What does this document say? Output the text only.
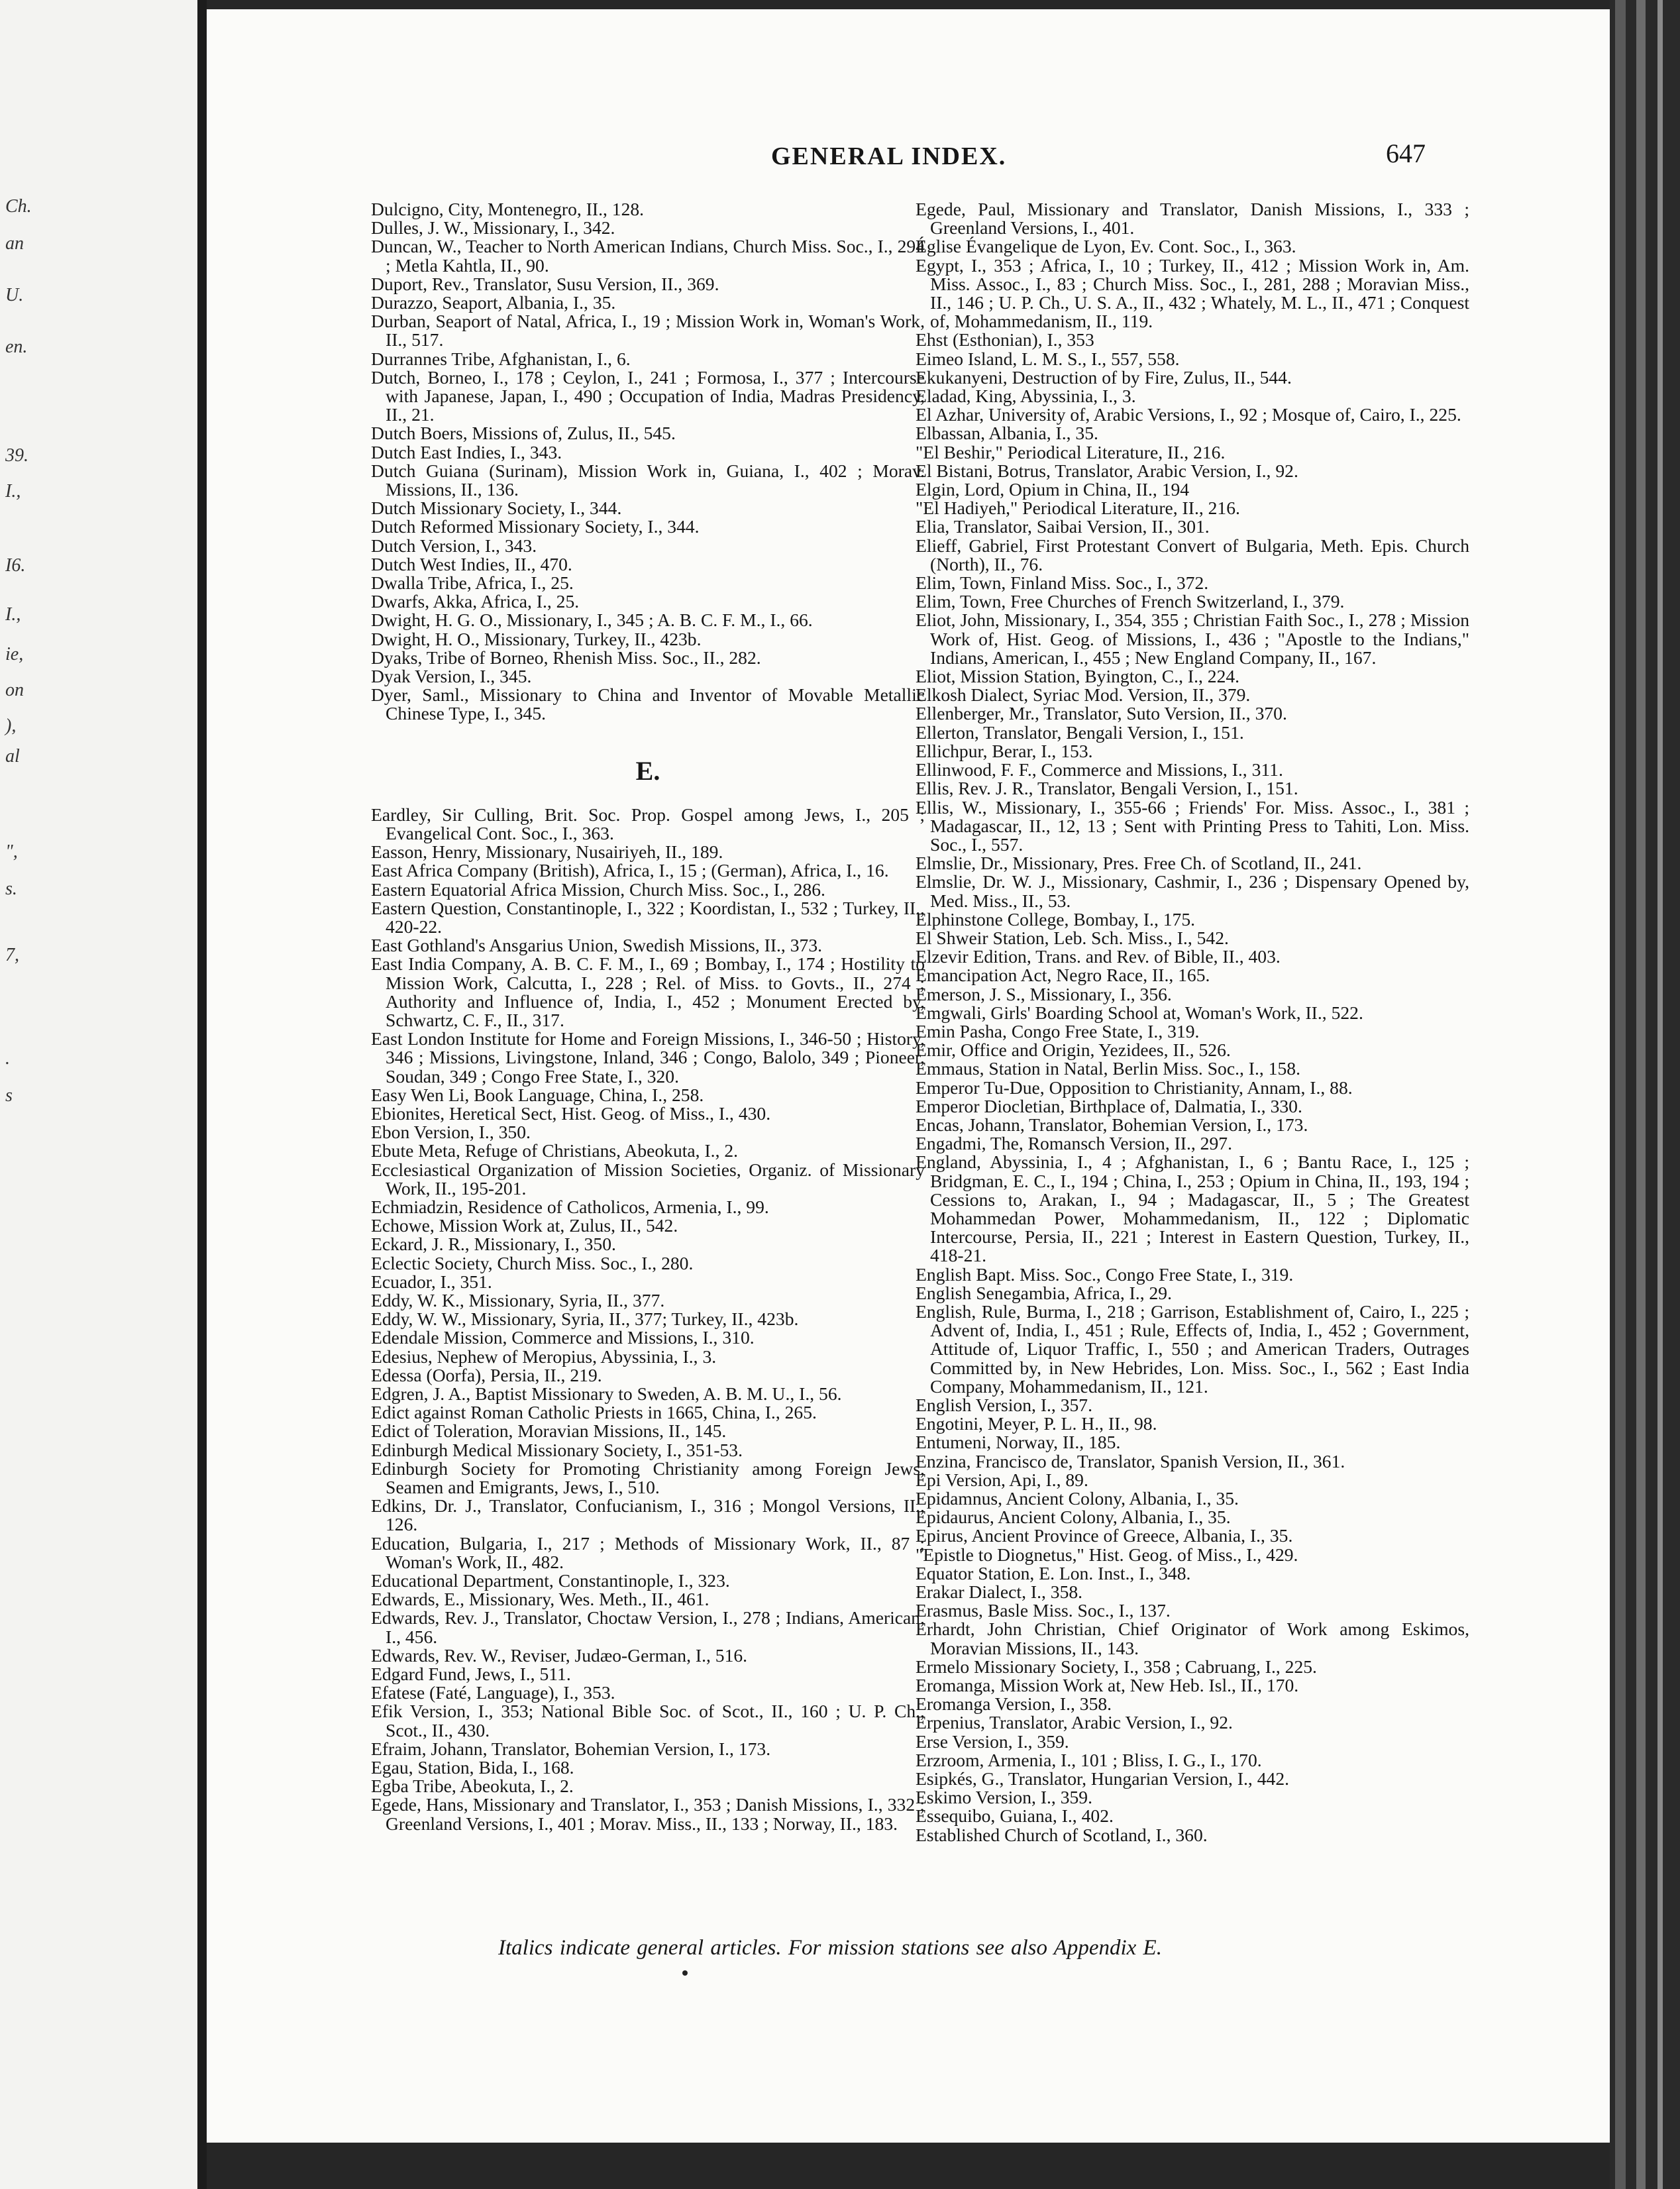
Ch.
an
U.
en.
39.
I.,
I6.
I.,
ie,
on
),
al
",
s.
7,
.
s
GENERAL INDEX.	647
Dulcigno, City, Montenegro, II., 128.
Dulles, J. W., Missionary, I., 342.
Duncan, W., Teacher to North American Indians, Church Miss. Soc., I., 294 ; Metla Kahtla, II., 90.
Duport, Rev., Translator, Susu Version, II., 369.
Durazzo, Seaport, Albania, I., 35.
Durban, Seaport of Natal, Africa, I., 19 ; Mission Work in, Woman's Work, II., 517.
Durrannes Tribe, Afghanistan, I., 6.
Dutch, Borneo, I., 178 ; Ceylon, I., 241 ; Formosa, I., 377 ; Intercourse with Japanese, Japan, I., 490 ; Occupation of India, Madras Presidency, II., 21.
Dutch Boers, Missions of, Zulus, II., 545.
Dutch East Indies, I., 343.
Dutch Guiana (Surinam), Mission Work in, Guiana, I., 402 ; Morav. Missions, II., 136.
Dutch Missionary Society, I., 344.
Dutch Reformed Missionary Society, I., 344.
Dutch Version, I., 343.
Dutch West Indies, II., 470.
Dwalla Tribe, Africa, I., 25.
Dwarfs, Akka, Africa, I., 25.
Dwight, H. G. O., Missionary, I., 345 ; A. B. C. F. M., I., 66.
Dwight, H. O., Missionary, Turkey, II., 423b.
Dyaks, Tribe of Borneo, Rhenish Miss. Soc., II., 282.
Dyak Version, I., 345.
Dyer, Saml., Missionary to China and Inventor of Movable Metallic Chinese Type, I., 345.
E.
Eardley, Sir Culling, Brit. Soc. Prop. Gospel among Jews, I., 205 ; Evangelical Cont. Soc., I., 363.
Easson, Henry, Missionary, Nusairiyeh, II., 189.
East Africa Company (British), Africa, I., 15 ; (German), Africa, I., 16.
Eastern Equatorial Africa Mission, Church Miss. Soc., I., 286.
Eastern Question, Constantinople, I., 322 ; Koordistan, I., 532 ; Turkey, II., 420-22.
East Gothland's Ansgarius Union, Swedish Missions, II., 373.
East India Company, A. B. C. F. M., I., 69 ; Bombay, I., 174 ; Hostility to Mission Work, Calcutta, I., 228 ; Rel. of Miss. to Govts., II., 274 ; Authority and Influence of, India, I., 452 ; Monument Erected by, Schwartz, C. F., II., 317.
East London Institute for Home and Foreign Missions, I., 346-50 ; History, 346 ; Missions, Livingstone, Inland, 346 ; Congo, Balolo, 349 ; Pioneer, Soudan, 349 ; Congo Free State, I., 320.
Easy Wen Li, Book Language, China, I., 258.
Ebionites, Heretical Sect, Hist. Geog. of Miss., I., 430.
Ebon Version, I., 350.
Ebute Meta, Refuge of Christians, Abeokuta, I., 2.
Ecclesiastical Organization of Mission Societies, Organiz. of Missionary Work, II., 195-201.
Echmiadzin, Residence of Catholicos, Armenia, I., 99.
Echowe, Mission Work at, Zulus, II., 542.
Eckard, J. R., Missionary, I., 350.
Eclectic Society, Church Miss. Soc., I., 280.
Ecuador, I., 351.
Eddy, W. K., Missionary, Syria, II., 377.
Eddy, W. W., Missionary, Syria, II., 377; Turkey, II., 423b.
Edendale Mission, Commerce and Missions, I., 310.
Edesius, Nephew of Meropius, Abyssinia, I., 3.
Edessa (Oorfa), Persia, II., 219.
Edgren, J. A., Baptist Missionary to Sweden, A. B. M. U., I., 56.
Edict against Roman Catholic Priests in 1665, China, I., 265.
Edict of Toleration, Moravian Missions, II., 145.
Edinburgh Medical Missionary Society, I., 351-53.
Edinburgh Society for Promoting Christianity among Foreign Jews, Seamen and Emigrants, Jews, I., 510.
Edkins, Dr. J., Translator, Confucianism, I., 316 ; Mongol Versions, II., 126.
Education, Bulgaria, I., 217 ; Methods of Missionary Work, II., 87 ; Woman's Work, II., 482.
Educational Department, Constantinople, I., 323.
Edwards, E., Missionary, Wes. Meth., II., 461.
Edwards, Rev. J., Translator, Choctaw Version, I., 278 ; Indians, American, I., 456.
Edwards, Rev. W., Reviser, Judæo-German, I., 516.
Edgard Fund, Jews, I., 511.
Efatese (Faté, Language), I., 353.
Efik Version, I., 353; National Bible Soc. of Scot., II., 160 ; U. P. Ch., Scot., II., 430.
Efraim, Johann, Translator, Bohemian Version, I., 173.
Egau, Station, Bida, I., 168.
Egba Tribe, Abeokuta, I., 2.
Egede, Hans, Missionary and Translator, I., 353 ; Danish Missions, I., 332 ; Greenland Versions, I., 401 ; Morav. Miss., II., 133 ; Norway, II., 183.
Egede, Paul, Missionary and Translator, Danish Missions, I., 333 ; Greenland Versions, I., 401.
Église Évangelique de Lyon, Ev. Cont. Soc., I., 363.
Egypt, I., 353 ; Africa, I., 10 ; Turkey, II., 412 ; Mission Work in, Am. Miss. Assoc., I., 83 ; Church Miss. Soc., I., 281, 288 ; Moravian Miss., II., 146 ; U. P. Ch., U. S. A., II., 432 ; Whately, M. L., II., 471 ; Conquest of, Mohammedanism, II., 119.
Ehst (Esthonian), I., 353
Eimeo Island, L. M. S., I., 557, 558.
Ekukanyeni, Destruction of by Fire, Zulus, II., 544.
Eladad, King, Abyssinia, I., 3.
El Azhar, University of, Arabic Versions, I., 92 ; Mosque of, Cairo, I., 225.
Elbassan, Albania, I., 35.
"El Beshir," Periodical Literature, II., 216.
El Bistani, Botrus, Translator, Arabic Version, I., 92.
Elgin, Lord, Opium in China, II., 194
"El Hadiyeh," Periodical Literature, II., 216.
Elia, Translator, Saibai Version, II., 301.
Elieff, Gabriel, First Protestant Convert of Bulgaria, Meth. Epis. Church (North), II., 76.
Elim, Town, Finland Miss. Soc., I., 372.
Elim, Town, Free Churches of French Switzerland, I., 379.
Eliot, John, Missionary, I., 354, 355 ; Christian Faith Soc., I., 278 ; Mission Work of, Hist. Geog. of Missions, I., 436 ; "Apostle to the Indians," Indians, American, I., 455 ; New England Company, II., 167.
Eliot, Mission Station, Byington, C., I., 224.
Elkosh Dialect, Syriac Mod. Version, II., 379.
Ellenberger, Mr., Translator, Suto Version, II., 370.
Ellerton, Translator, Bengali Version, I., 151.
Ellichpur, Berar, I., 153.
Ellinwood, F. F., Commerce and Missions, I., 311.
Ellis, Rev. J. R., Translator, Bengali Version, I., 151.
Ellis, W., Missionary, I., 355-66 ; Friends' For. Miss. Assoc., I., 381 ; Madagascar, II., 12, 13 ; Sent with Printing Press to Tahiti, Lon. Miss. Soc., I., 557.
Elmslie, Dr., Missionary, Pres. Free Ch. of Scotland, II., 241.
Elmslie, Dr. W. J., Missionary, Cashmir, I., 236 ; Dispensary Opened by, Med. Miss., II., 53.
Elphinstone College, Bombay, I., 175.
El Shweir Station, Leb. Sch. Miss., I., 542.
Elzevir Edition, Trans. and Rev. of Bible, II., 403.
Emancipation Act, Negro Race, II., 165.
Emerson, J. S., Missionary, I., 356.
Emgwali, Girls' Boarding School at, Woman's Work, II., 522.
Emin Pasha, Congo Free State, I., 319.
Emir, Office and Origin, Yezidees, II., 526.
Emmaus, Station in Natal, Berlin Miss. Soc., I., 158.
Emperor Tu-Due, Opposition to Christianity, Annam, I., 88.
Emperor Diocletian, Birthplace of, Dalmatia, I., 330.
Encas, Johann, Translator, Bohemian Version, I., 173.
Engadmi, The, Romansch Version, II., 297.
England, Abyssinia, I., 4 ; Afghanistan, I., 6 ; Bantu Race, I., 125 ; Bridgman, E. C., I., 194 ; China, I., 253 ; Opium in China, II., 193, 194 ; Cessions to, Arakan, I., 94 ; Madagascar, II., 5 ; The Greatest Mohammedan Power, Mohammedanism, II., 122 ; Diplomatic Intercourse, Persia, II., 221 ; Interest in Eastern Question, Turkey, II., 418-21.
English Bapt. Miss. Soc., Congo Free State, I., 319.
English Senegambia, Africa, I., 29.
English, Rule, Burma, I., 218 ; Garrison, Establishment of, Cairo, I., 225 ; Advent of, India, I., 451 ; Rule, Effects of, India, I., 452 ; Government, Attitude of, Liquor Traffic, I., 550 ; and American Traders, Outrages Committed by, in New Hebrides, Lon. Miss. Soc., I., 562 ; East India Company, Mohammedanism, II., 121.
English Version, I., 357.
Engotini, Meyer, P. L. H., II., 98.
Entumeni, Norway, II., 185.
Enzina, Francisco de, Translator, Spanish Version, II., 361.
Epi Version, Api, I., 89.
Epidamnus, Ancient Colony, Albania, I., 35.
Epidaurus, Ancient Colony, Albania, I., 35.
Epirus, Ancient Province of Greece, Albania, I., 35.
"Epistle to Diognetus," Hist. Geog. of Miss., I., 429.
Equator Station, E. Lon. Inst., I., 348.
Erakar Dialect, I., 358.
Erasmus, Basle Miss. Soc., I., 137.
Erhardt, John Christian, Chief Originator of Work among Eskimos, Moravian Missions, II., 143.
Ermelo Missionary Society, I., 358 ; Cabruang, I., 225.
Eromanga, Mission Work at, New Heb. Isl., II., 170.
Eromanga Version, I., 358.
Erpenius, Translator, Arabic Version, I., 92.
Erse Version, I., 359.
Erzroom, Armenia, I., 101 ; Bliss, I. G., I., 170.
Esipkés, G., Translator, Hungarian Version, I., 442.
Eskimo Version, I., 359.
Essequibo, Guiana, I., 402.
Established Church of Scotland, I., 360.
Italics indicate general articles. For mission stations see also Appendix E.
